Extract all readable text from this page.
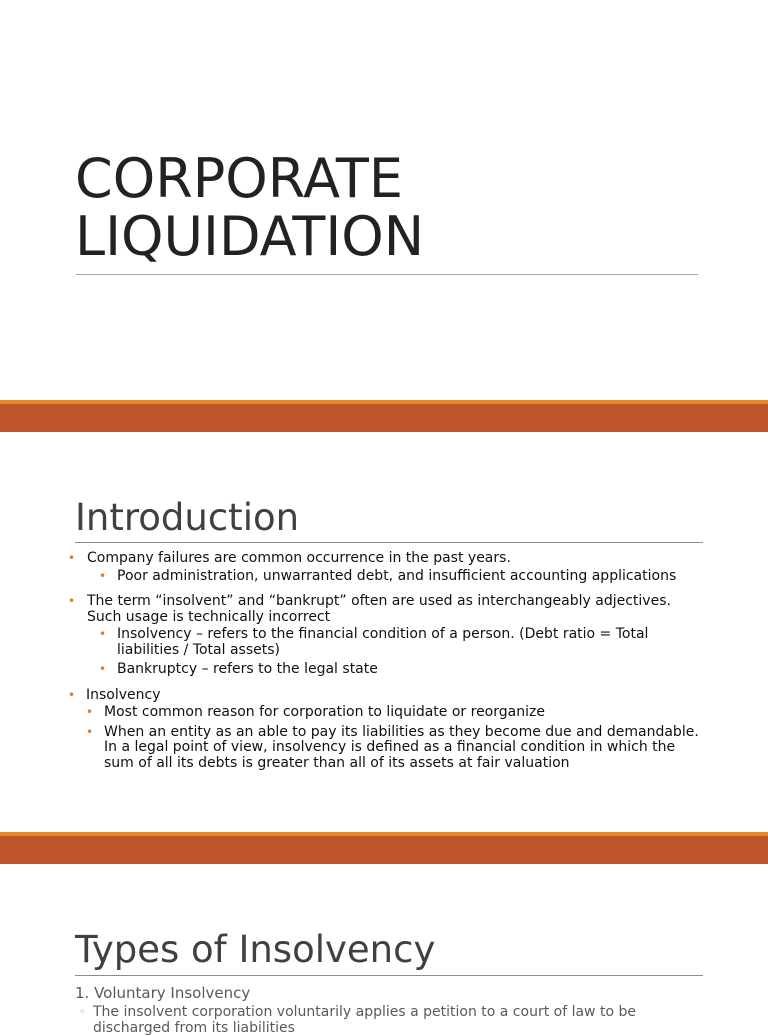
CORPORATE
LIQUIDATION
Introduction
• Company failures are common occurrence in the past years.
• Poor administration, unwarranted debt, and insufficient accounting applications
• The term “insolvent” and “bankrupt” often are used as interchangeably adjectives. Such usage is technically incorrect
• Insolvency – refers to the financial condition of a person. (Debt ratio = Total liabilities / Total assets)
• Bankruptcy – refers to the legal state
• Insolvency
• Most common reason for corporation to liquidate or reorganize
• When an entity as an able to pay its liabilities as they become due and demandable. In a legal point of view, insolvency is defined as a financial condition in which the sum of all its debts is greater than all of its assets at fair valuation
Types of Insolvency
1. Voluntary Insolvency
◦ The insolvent corporation voluntarily applies a petition to a court of law to be discharged from its liabilities
